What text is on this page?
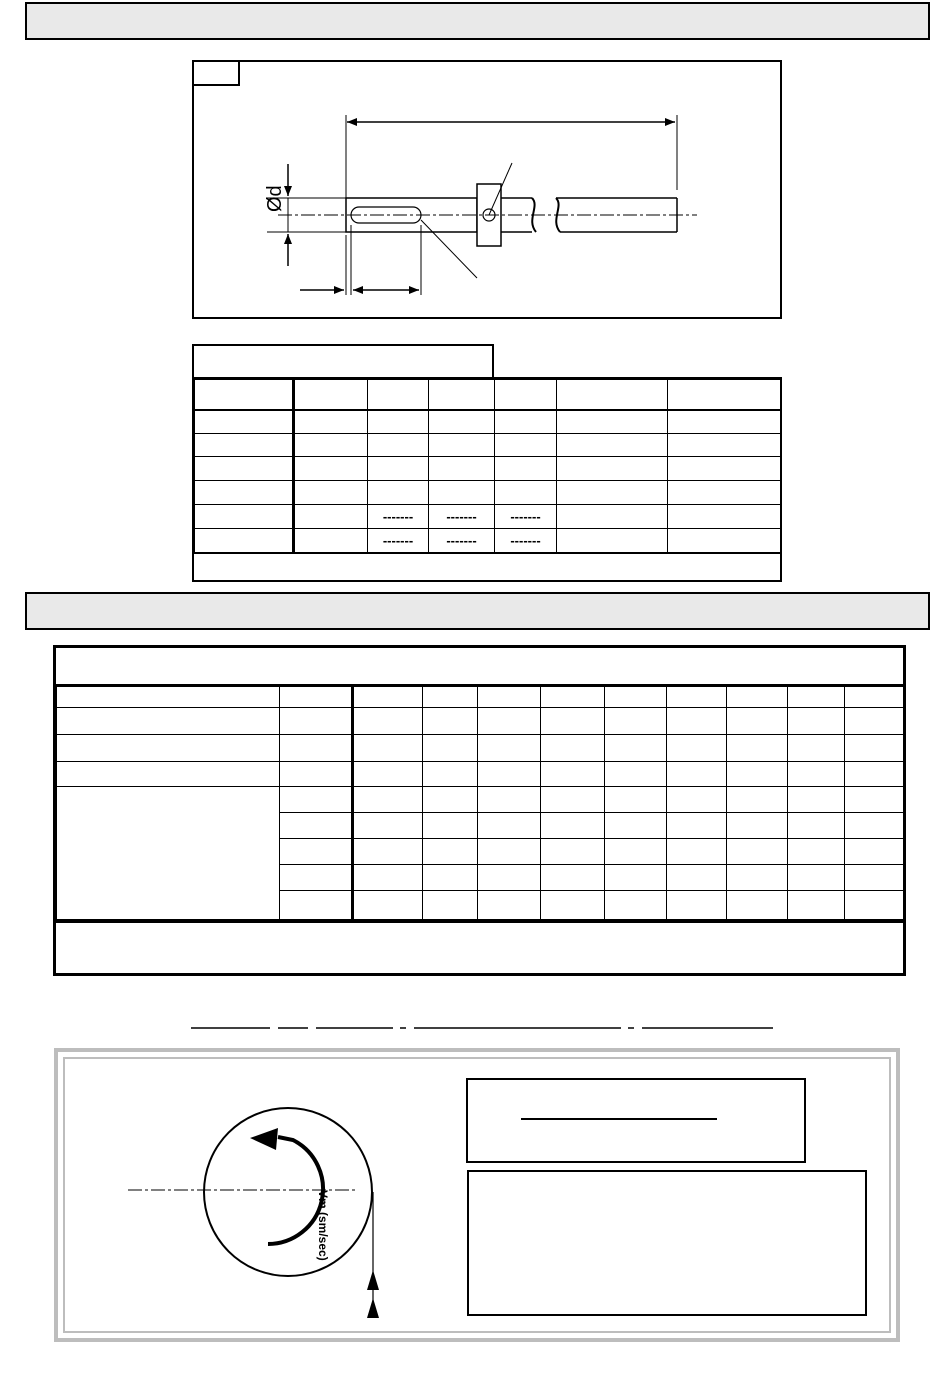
Ød

		-------	-------	-------		
		-------	-------	-------		

Vm (sm/sec)
